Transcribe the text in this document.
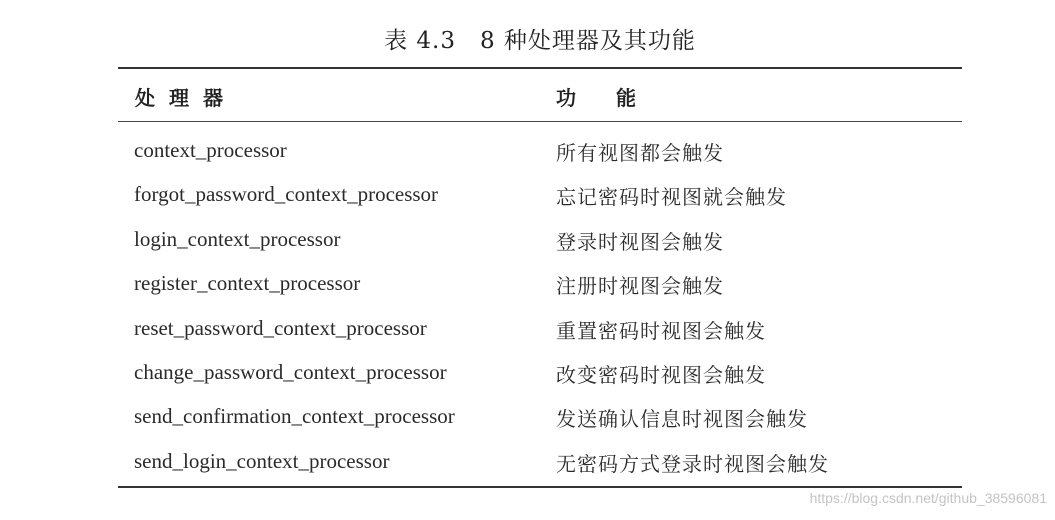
表 4.3　8 种处理器及其功能
处理器	功能
context_processor	所有视图都会触发
forgot_password_context_processor	忘记密码时视图就会触发
login_context_processor	登录时视图会触发
register_context_processor	注册时视图会触发
reset_password_context_processor	重置密码时视图会触发
change_password_context_processor	改变密码时视图会触发
send_confirmation_context_processor	发送确认信息时视图会触发
send_login_context_processor	无密码方式登录时视图会触发
https://blog.csdn.net/github_38596081
